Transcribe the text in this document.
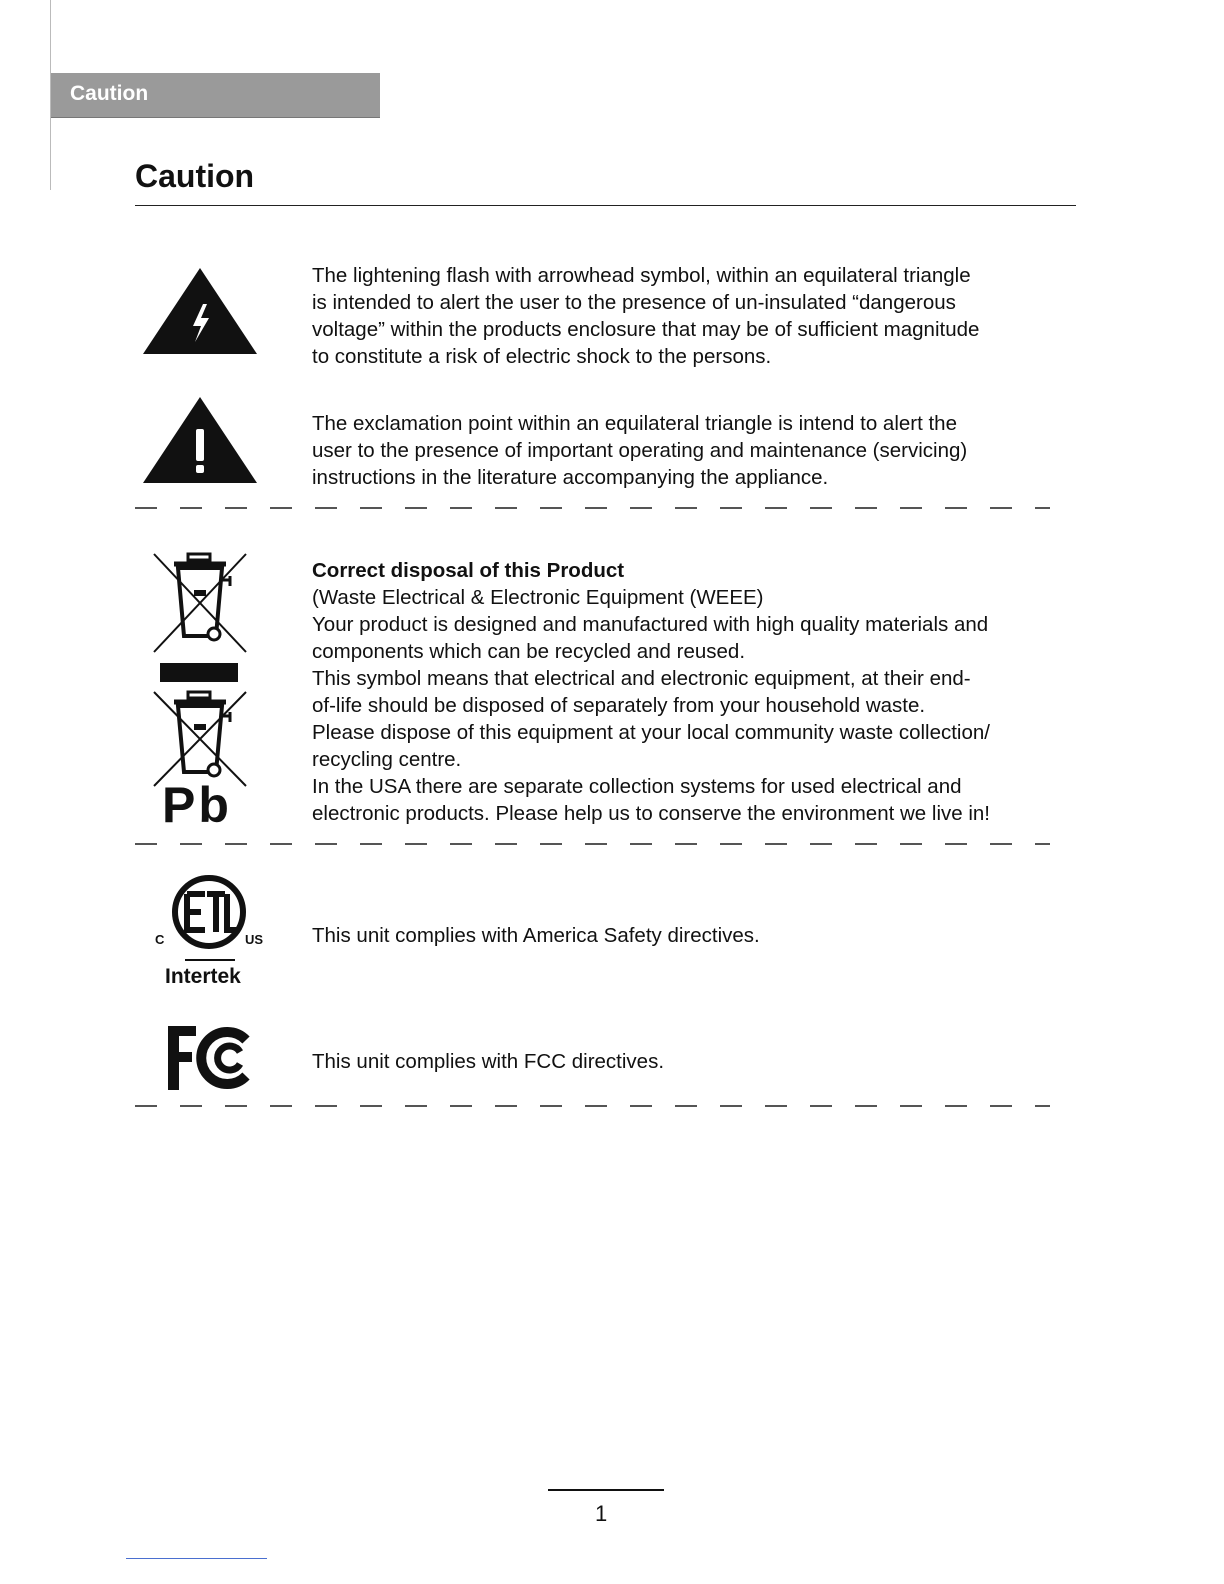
Caution
Caution

The lightening flash with arrowhead symbol, within an equilateral triangle

is intended to alert the user to the presence of un-insulated “dangerous

voltage” within the products enclosure that may be of sufficient magnitude

to constitute a risk of electric shock to the persons.

The exclamation point within an equilateral triangle is intend to alert the

user to the presence of important operating and maintenance (servicing)

instructions in the literature accompanying the appliance.

Pb

Correct disposal of this Product

(Waste Electrical & Electronic Equipment (WEEE)

Your product is designed and manufactured with high quality materials and

components which can be recycled and reused.

This symbol means that electrical and electronic equipment, at their end-

of-life should be disposed of separately from your household waste.

Please dispose of this equipment at your local community waste collection/

recycling centre.

In the USA there are separate collection systems for used electrical and

electronic products. Please help us to conserve the environment we live in!

C	US
Intertek

This unit complies with America Safety directives.

This unit complies with FCC directives.

1
